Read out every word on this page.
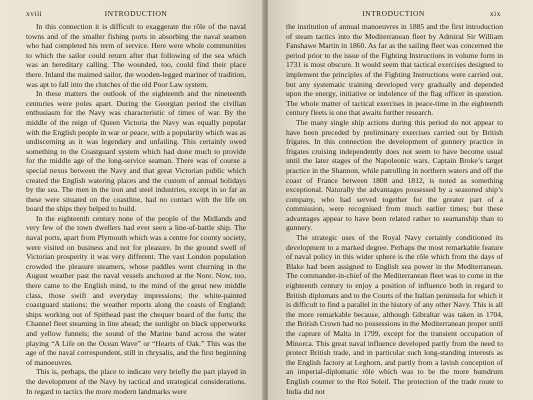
xviii	INTRODUCTION

In this connection it is difficult to exaggerate the rôle of the naval towns and of the smaller fishing ports in absorbing the naval seamen who had completed his term of service. Here were whole communities to which the sailor could return after that following of the sea which was an hereditary calling. The wounded, too, could find their place there. Inland the maimed sailor, the wooden-legged mariner of tradition, was apt to fall into the clutches of the old Poor Law system.

In these matters the outlook of the eighteenth and the nineteenth centuries were poles apart. During the Georgian period the civilian enthusiasm for the Navy was characteristic of times of war. By the middle of the reign of Queen Victoria the Navy was equally popular with the English people in war or peace, with a popularity which was as undiscerning as it was legendary and unfailing. This certainly owed something to the Coastguard system which had done much to provide for the middle age of the long-service seaman. There was of course a special nexus between the Navy and that great Victorian public which created the English watering places and the custom of annual holidays by the sea. The men in the iron and steel industries, except in so far as these were situated on the coastline, had no contact with the life on board the ships they helped to build.

In the eighteenth century none of the people of the Midlands and very few of the town dwellers had ever seen a line-of-battle ship. The naval ports, apart from Plymouth which was a centre for county society, were visited on business and not for pleasure. In the ground swell of Victorian prosperity it was very different. The vast London population crowded the pleasure steamers, whose paddles went churning in the August weather past the naval vessels anchored at the Nore. Now, too, there came to the English mind, to the mind of the great new middle class, those swift and everyday impressions; the white-painted coastguard stations; the weather reports along the coasts of England; ships working out of Spithead past the chequer board of the forts; the Channel fleet steaming in line ahead; the sunlight on black upperworks and yellow funnels; the sound of the Marine band across the water playing “A Life on the Ocean Wave” or “Hearts of Oak.” This was the age of the naval correspondent, still in chrysalis, and the first beginning of manoeuvres.

This is, perhaps, the place to indicate very briefly the part played in the development of the Navy by tactical and strategical considerations. In regard to tactics the more modern landmarks were

INTRODUCTION	xix

the institution of annual manoeuvres in 1885 and the first introduction of steam tactics into the Mediterranean fleet by Admiral Sir William Fanshawe Martin in 1860. As far as the sailing fleet was concerned the period prior to the issue of the Fighting Instructions in volume form in 1731 is most obscure. It would seem that tactical exercises designed to implement the principles of the Fighting Instructions were carried out, but any systematic training developed very gradually and depended upon the energy, initiative or indolence of the flag officer in question. The whole matter of tactical exercises in peace-time in the eighteenth century fleets is one that awaits further research.

The many single ship actions during this period do not appear to have been preceded by preliminary exercises carried out by British frigates. In this connection the development of gunnery practice in frigates cruising independently does not seem to have become usual until the later stages of the Napoleonic wars. Captain Broke’s target practice in the Shannon, while patrolling in northern waters and off the coast of France between 1808 and 1812, is noted as something exceptional. Naturally the advantages possessed by a seasoned ship’s company, who had served together for the greater part of a commission, were recognised from much earlier times; but these advantages appear to have been related rather to seamanship than to gunnery.

The strategic uses of the Royal Navy certainly conditioned its development to a marked degree. Perhaps the most remarkable feature of naval policy in this wider sphere is the rôle which from the days of Blake had been assigned to English sea power in the Mediterranean. The commander-in-chief of the Mediterranean fleet was to come in the eighteenth century to enjoy a position of influence both in regard to British diplomats and to the Courts of the Italian peninsula for which it is difficult to find a parallel in the history of any other Navy. This is all the more remarkable because, although Gibraltar was taken in 1704, the British Crown had no possessions in the Mediterranean proper until the capture of Malta in 1799, except for the transient occupation of Minorca. This great naval influence developed partly from the need to protect British trade, and in particular such long-standing interests as the English factory at Leghorn, and partly from a lavish conception of an imperial-diplomatic rôle which was to be the more humdrum English counter to the Roi Soleil. The protection of the trade route to India did not
